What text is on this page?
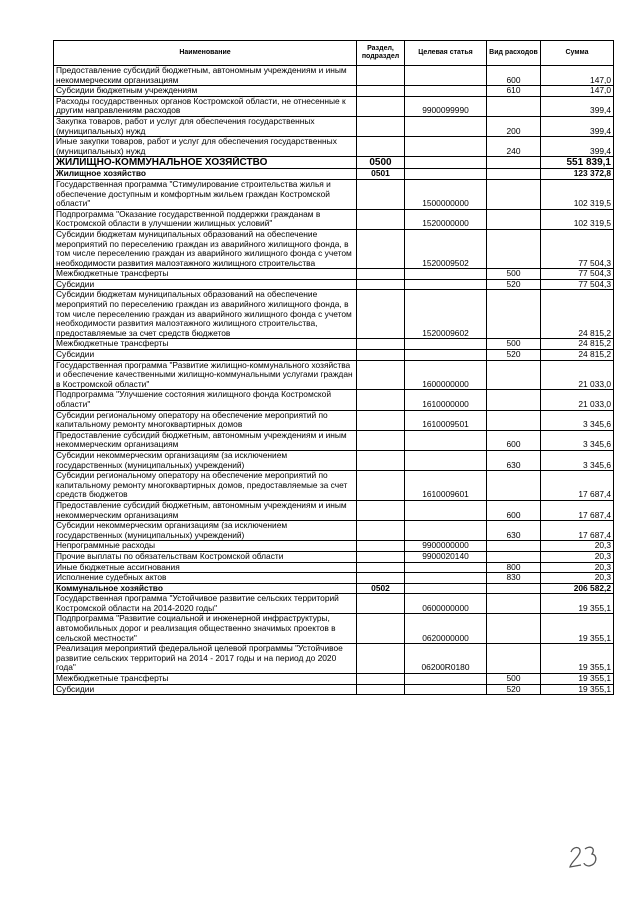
Наименование	Раздел, подраздел	Целевая статья	Вид расходов	Сумма
Предоставление субсидий бюджетным, автономным учреждениям и иным некоммерческим организациям			600	147,0
Субсидии бюджетным учреждениям			610	147,0
Расходы государственных органов Костромской области, не отнесенные к другим направлениям расходов		9900099990		399,4
Закупка товаров, работ и услуг для обеспечения государственных (муниципальных) нужд			200	399,4
Иные закупки товаров, работ и услуг для обеспечения государственных (муниципальных) нужд			240	399,4
ЖИЛИЩНО-КОММУНАЛЬНОЕ ХОЗЯЙСТВО	0500			551 839,1
Жилищное хозяйство	0501			123 372,8
Государственная программа "Стимулирование строительства жилья и обеспечение доступным и комфортным жильем граждан Костромской области"		1500000000		102 319,5
Подпрограмма "Оказание государственной поддержки гражданам в Костромской области в улучшении жилищных условий"		1520000000		102 319,5
Субсидии бюджетам муниципальных образований на обеспечение мероприятий по переселению граждан из аварийного жилищного фонда, в том числе переселению граждан из аварийного жилищного фонда с учетом необходимости развития малоэтажного жилищного строительства		1520009502		77 504,3
Межбюджетные трансферты			500	77 504,3
Субсидии			520	77 504,3
Субсидии бюджетам муниципальных образований на обеспечение мероприятий по переселению граждан из аварийного жилищного фонда, в том числе переселению граждан из аварийного жилищного фонда с учетом необходимости развития малоэтажного жилищного строительства, предоставляемые за счет средств бюджетов		1520009602		24 815,2
Межбюджетные трансферты			500	24 815,2
Субсидии			520	24 815,2
Государственная программа "Развитие жилищно-коммунального хозяйства и обеспечение качественными жилищно-коммунальными услугами граждан в Костромской области"		1600000000		21 033,0
Подпрограмма "Улучшение состояния жилищного фонда Костромской области"		1610000000		21 033,0
Субсидии региональному оператору на обеспечение мероприятий по капитальному ремонту многоквартирных домов		1610009501		3 345,6
Предоставление субсидий бюджетным, автономным учреждениям и иным некоммерческим организациям			600	3 345,6
Субсидии некоммерческим организациям (за исключением государственных (муниципальных) учреждений)			630	3 345,6
Субсидии региональному оператору на обеспечение мероприятий по капитальному ремонту многоквартирных домов, предоставляемые за счет средств бюджетов		1610009601		17 687,4
Предоставление субсидий бюджетным, автономным учреждениям и иным некоммерческим организациям			600	17 687,4
Субсидии некоммерческим организациям (за исключением государственных (муниципальных) учреждений)			630	17 687,4
Непрограммные расходы		9900000000		20,3
Прочие выплаты по обязательствам Костромской области		9900020140		20,3
Иные бюджетные ассигнования			800	20,3
Исполнение судебных актов			830	20,3
Коммунальное хозяйство	0502			206 582,2
Государственная программа "Устойчивое развитие сельских территорий Костромской области на 2014-2020 годы"		0600000000		19 355,1
Подпрограмма "Развитие социальной и инженерной инфраструктуры, автомобильных дорог и реализация общественно значимых проектов в сельской местности"		0620000000		19 355,1
Реализация мероприятий федеральной целевой программы "Устойчивое развитие сельских территорий на 2014 - 2017 годы и на период до 2020 года"		06200R0180		19 355,1
Межбюджетные трансферты			500	19 355,1
Субсидии			520	19 355,1
